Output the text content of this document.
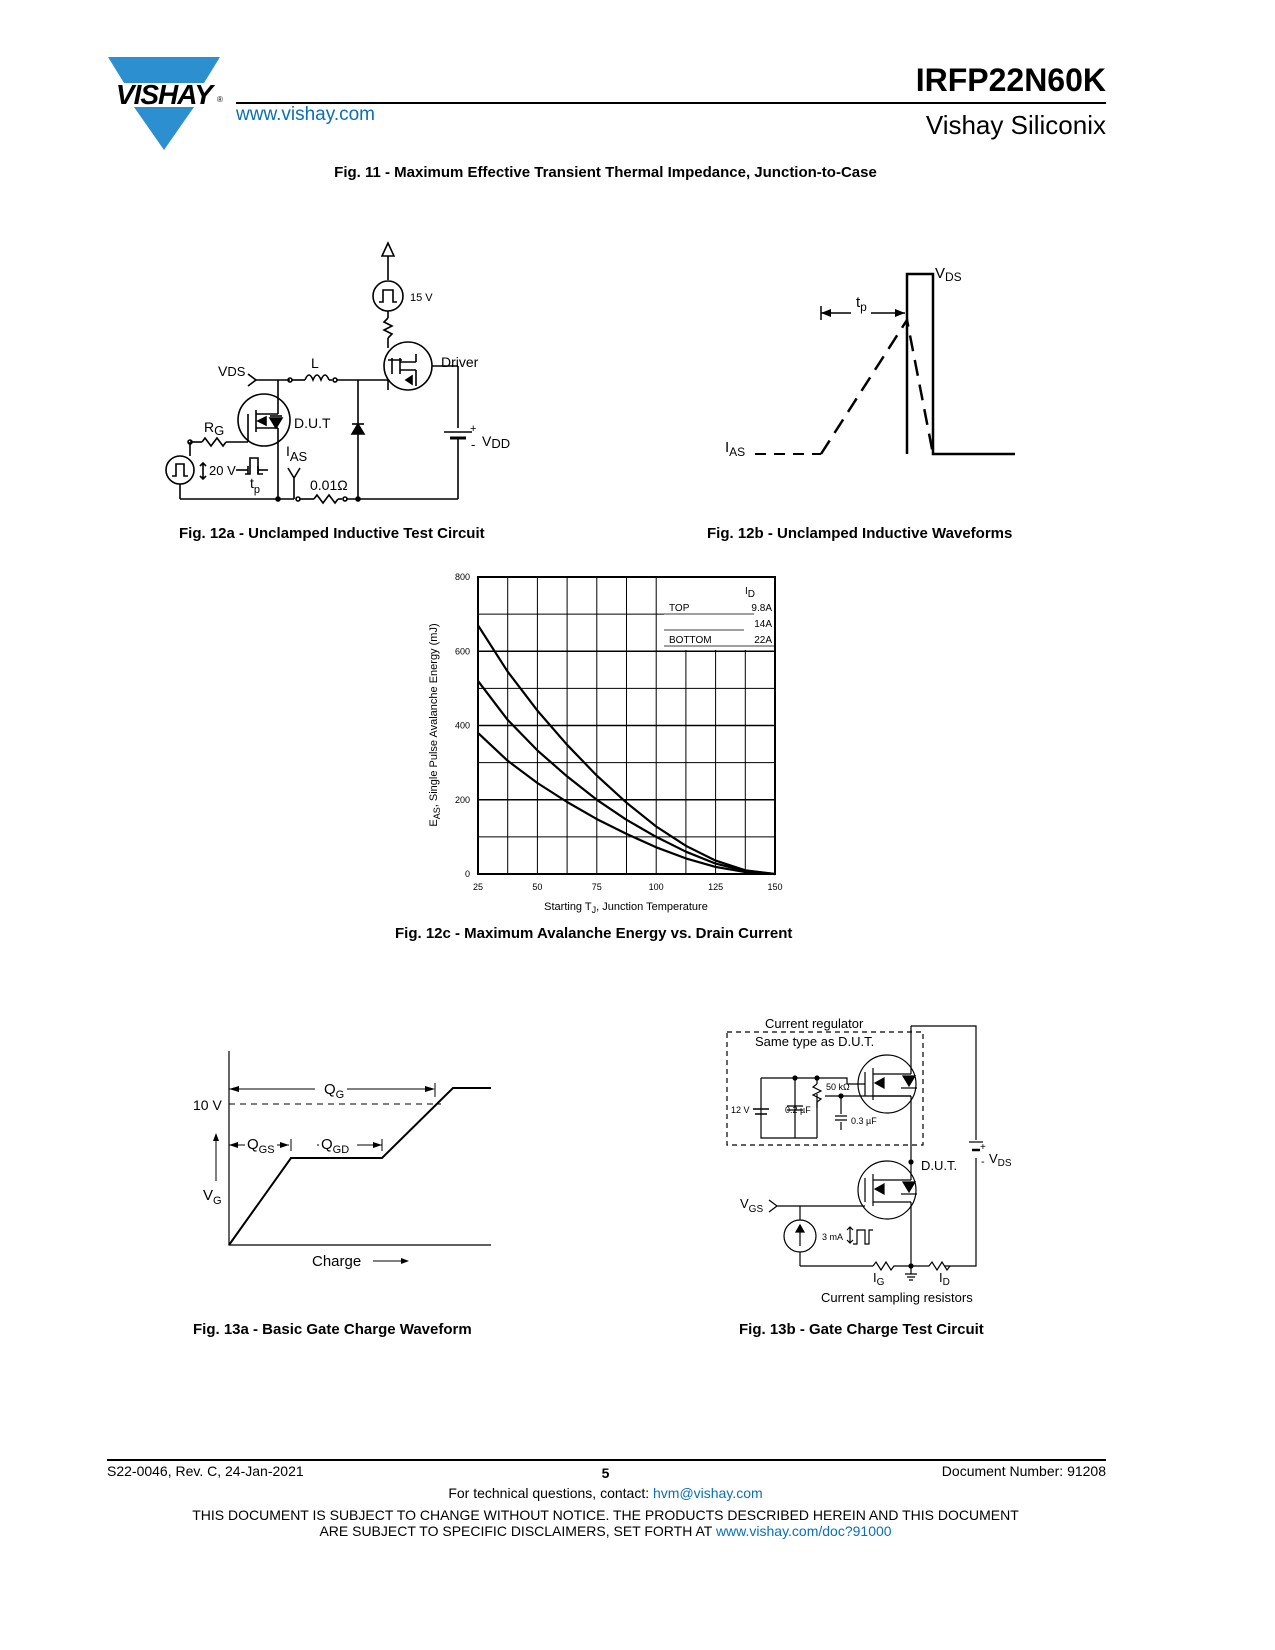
VISHAY ®
www.vishay.com
IRFP22N60K
Vishay Siliconix
Fig. 11 - Maximum Effective Transient Thermal Impedance, Junction-to-Case
15 V
Driver
L
VDS
RG	D.U.T	+
- VDD
IAS
20 V
$t_p$	0.01Ω
Fig. 12a - Unclamped Inductive Test Circuit
$V_{DS}$
$t_p$
$I_{AS}$
Fig. 12b - Unclamped Inductive Waveforms
25	50	75	100	125	150
0
200
400
600
800
ID
TOP
BOTTOM
9.8A
14A
22A
Starting $T_J$, Junction Temperature
$E_{AS}$, Single Pulse Avalanche Energy (mJ)
Fig. 12c - Maximum Avalanche Energy vs. Drain Current
$Q_G$
10 V
$Q_{GS}$	$Q_{GD}$
$V_G$
Charge
Fig. 13a - Basic Gate Charge Waveform
Current regulator
Same type as D.U.T.
50 kΩ
12 V	0.2 µF
0.3 µF
D.U.T.
+
- $V_{DS}$
$V_{GS}$
3 mA
$I_G$	$I_D$
Current sampling resistors
Fig. 13b - Gate Charge Test Circuit
S22-0046, Rev. C, 24-Jan-2021	5	Document Number: 91208
For technical questions, contact: hvm@vishay.com
THIS DOCUMENT IS SUBJECT TO CHANGE WITHOUT NOTICE. THE PRODUCTS DESCRIBED HEREIN AND THIS DOCUMENT
ARE SUBJECT TO SPECIFIC DISCLAIMERS, SET FORTH AT www.vishay.com/doc?91000
